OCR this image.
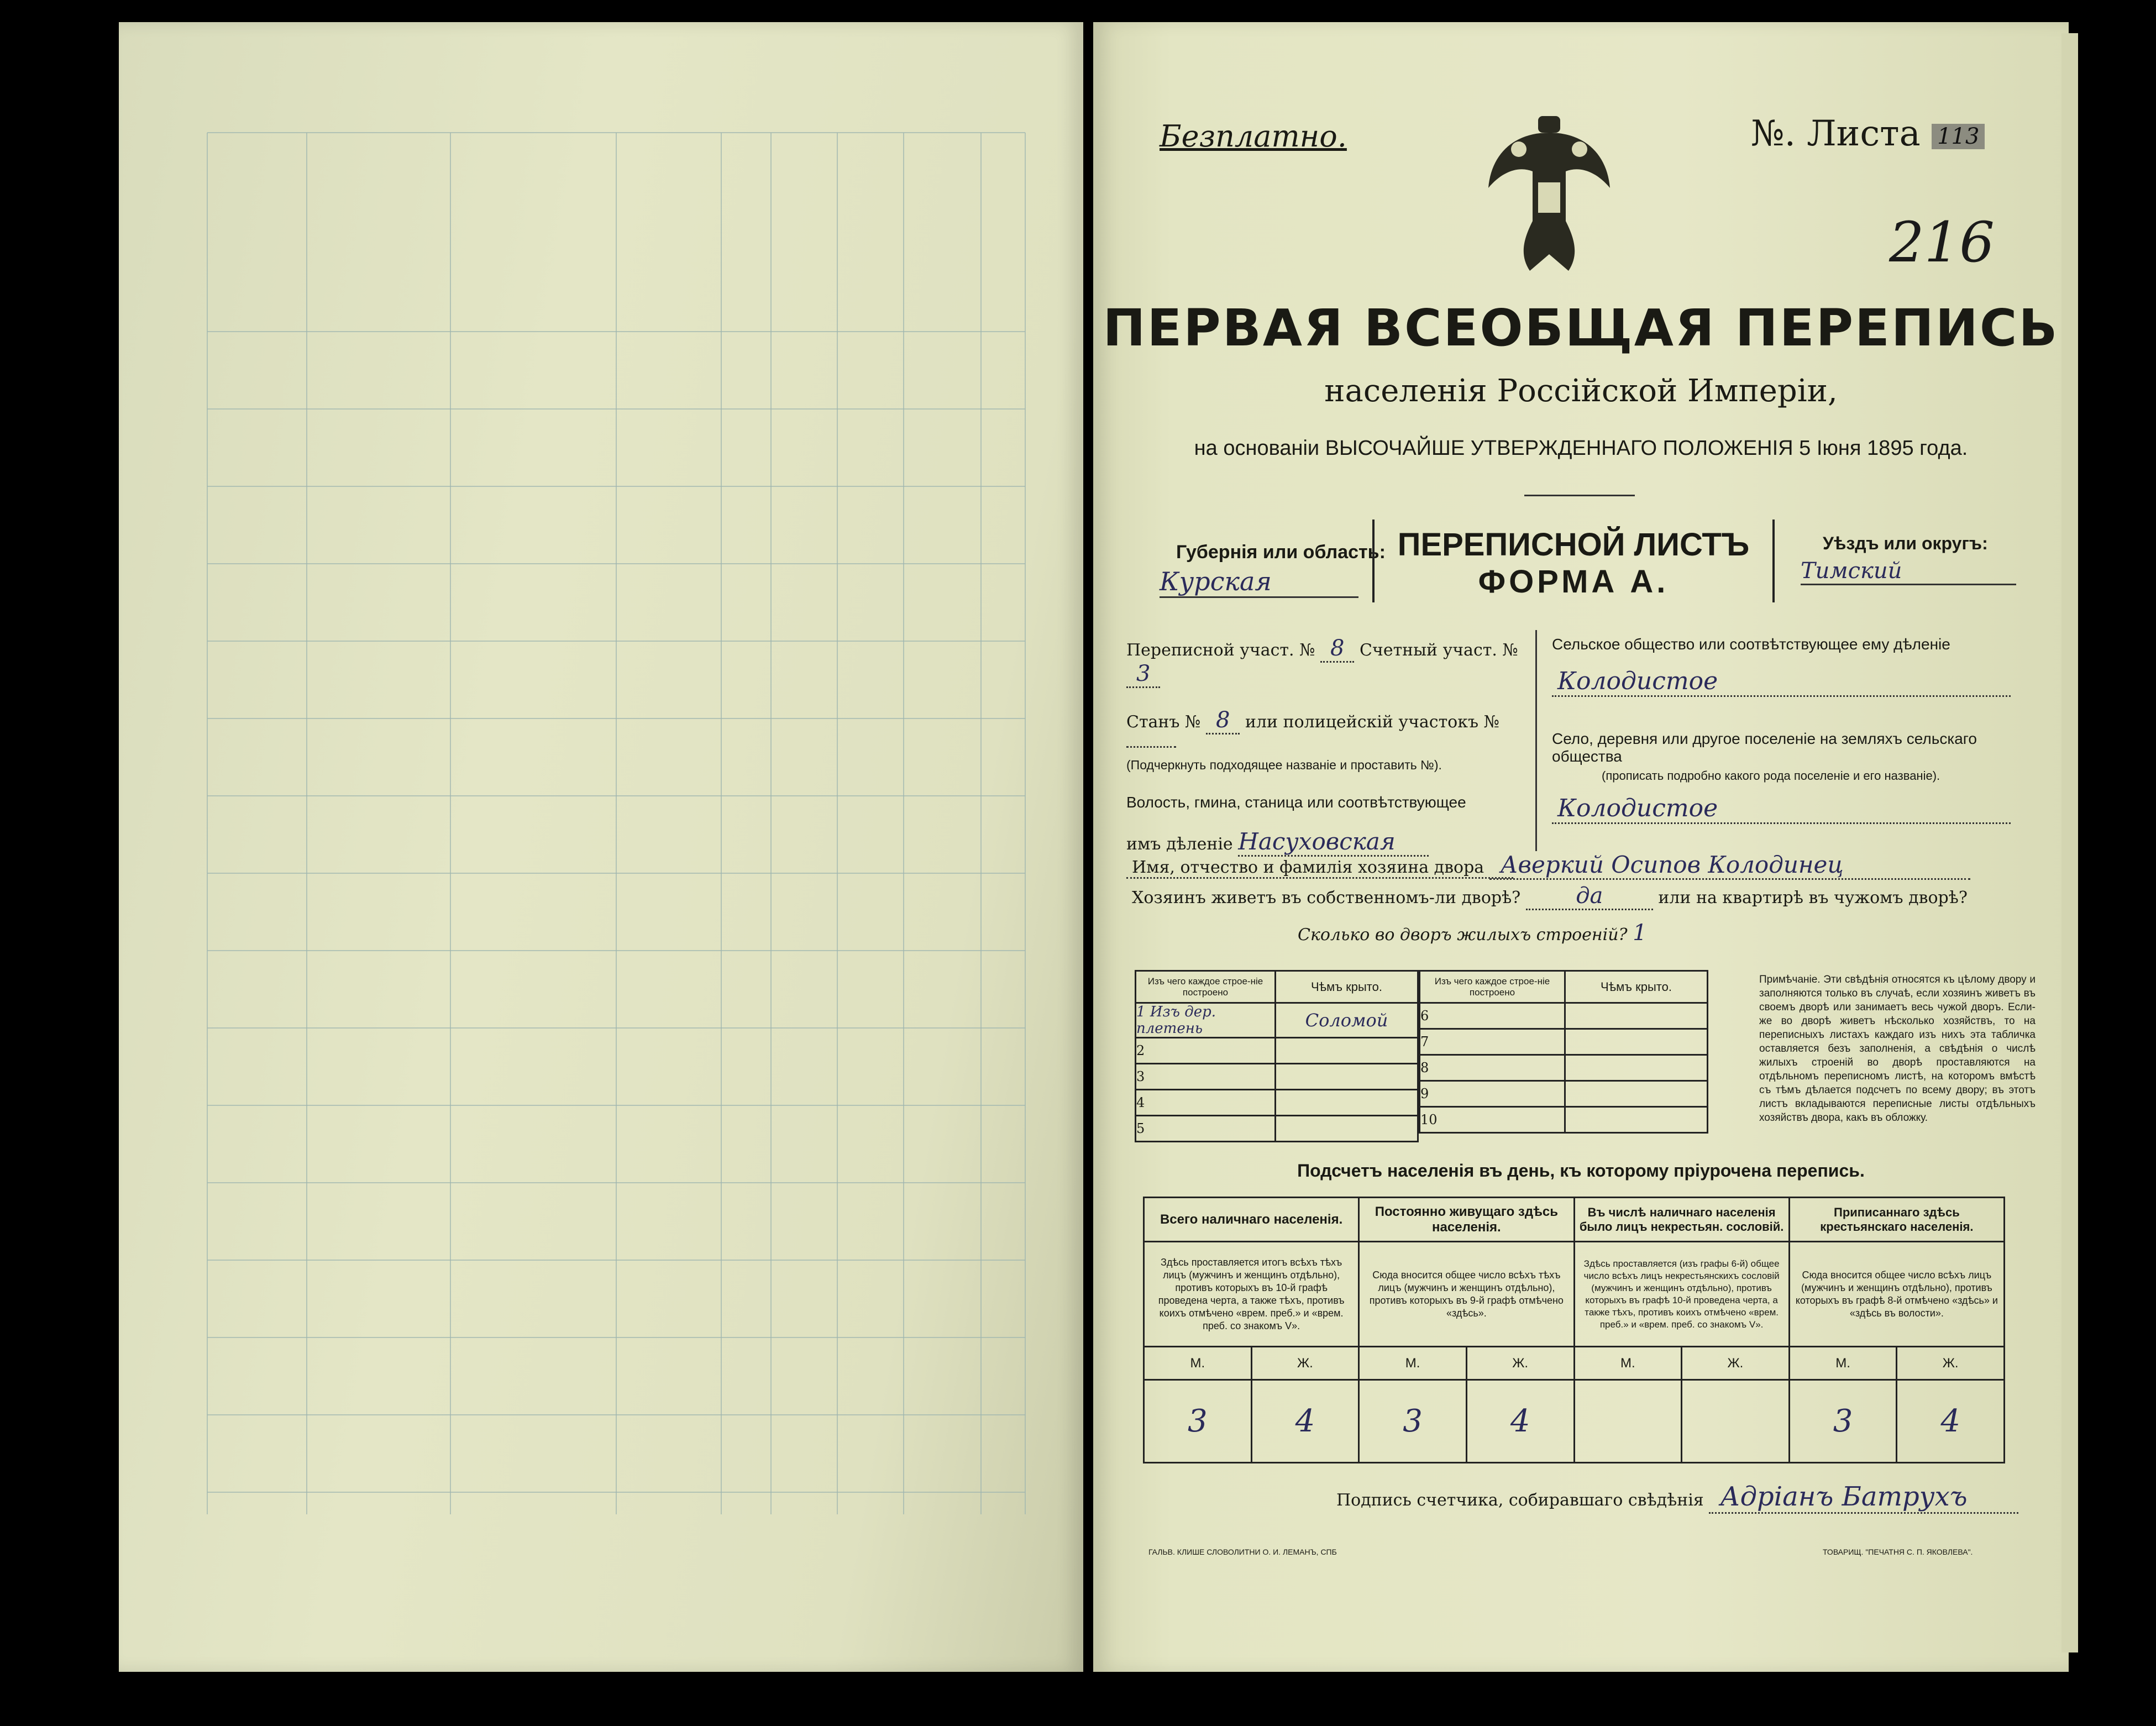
Безплатно.	№. Листа 113
216
ПЕРВАЯ ВСЕОБЩАЯ ПЕРЕПИСЬ
населенія Россійской Имперіи,
на основаніи ВЫСОЧАЙШЕ УТВЕРЖДЕННАГО ПОЛОЖЕНІЯ 5 Іюня 1895 года.
Губернія или область:
Курская
ПЕРЕПИСНОЙ ЛИСТЪ
ФОРМА А.
Уѣздъ или округъ:
Тимский
Переписной участ. № 8 Счетный участ. № 3
Станъ № 8 или полицейскій участокъ №
(Подчеркнуть подходящее названіе и проставить №).
Волость, гмина, станица или соотвѣтствующее
имъ дѣленіе Насуховская
Сельское общество или соотвѣтствующее ему дѣленіе
Колодистое
Село, деревня или другое поселеніе на земляхъ сельскаго общества
(прописать подробно какого рода поселеніе и его названіе).
Колодистое
Имя, отчество и фамилія хозяина двора Аверкий Осипов Колодинец
Хозяинъ живетъ въ собственномъ-ли дворѣ? да	или на квартирѣ въ чужомъ дворѣ?
Сколько во дворъ жилыхъ строеній? 1
Изъ чего каждое строе-ніе построено	Чѣмъ крыто.
1 Изъ дер. плетень	Соломой
2	
3	
4	
5	
Изъ чего каждое строе-ніе построено	Чѣмъ крыто.
6	
7	
8	
9	
10	
Примѣчаніе. Эти свѣдѣнія относятся къ цѣлому двору и заполняются только въ случаѣ, если хозяинъ живетъ въ своемъ дворѣ или занимаетъ весь чужой дворъ. Если-же во дворѣ живетъ нѣсколько хозяйствъ, то на переписныхъ листахъ каждаго изъ нихъ эта табличка оставляется безъ заполненія, а свѣдѣнія о числѣ жилыхъ строеній во дворѣ проставляются на отдѣльномъ переписномъ листѣ, на которомъ вмѣстѣ съ тѣмъ дѣлается подсчетъ по всему двору; въ этотъ листъ вкладываются переписные листы отдѣльныхъ хозяйствъ двора, какъ въ обложку.
Подсчетъ населенія въ день, къ которому пріурочена перепись.
Всего наличнаго населенія.		Постоянно живущаго здѣсь населенія.		Въ числѣ наличнаго населенія было лицъ некрестьян. сословій.		Приписаннаго здѣсь крестьянскаго населенія.	
Здѣсь проставляется итогъ всѣхъ тѣхъ лицъ (мужчинъ и женщинъ отдѣльно), противъ которыхъ въ 10-й графѣ проведена черта, а также тѣхъ, противъ коихъ отмѣчено «врем. преб.» и «врем. преб. со знакомъ V».		Сюда вносится общее число всѣхъ тѣхъ лицъ (мужчинъ и женщинъ отдѣльно), противъ которыхъ въ 9-й графѣ отмѣчено «здѣсь».		Здѣсь проставляется (изъ графы 6-й) общее число всѣхъ лицъ некрестьянскихъ сословій (мужчинъ и женщинъ отдѣльно), противъ которыхъ въ графѣ 10-й проведена черта, а также тѣхъ, противъ коихъ отмѣчено «врем. преб.» и «врем. преб. со знакомъ V».		Сюда вносится общее число всѣхъ лицъ (мужчинъ и женщинъ отдѣльно), противъ которыхъ въ графѣ 8-й отмѣчено «здѣсь» и «здѣсь въ волости».	
М.	Ж.	М.	Ж.	М.	Ж.	М.	Ж.
3	4	3	4			3	4
Подпись счетчика, собиравшаго свѣдѣнія Адріанъ Батрухъ
ГАЛЬВ. КЛИШЕ СЛОВОЛИТНИ О. И. ЛЕМАНЪ, СПБ	ТОВАРИЩ. "ПЕЧАТНЯ С. П. ЯКОВЛЕВА".
